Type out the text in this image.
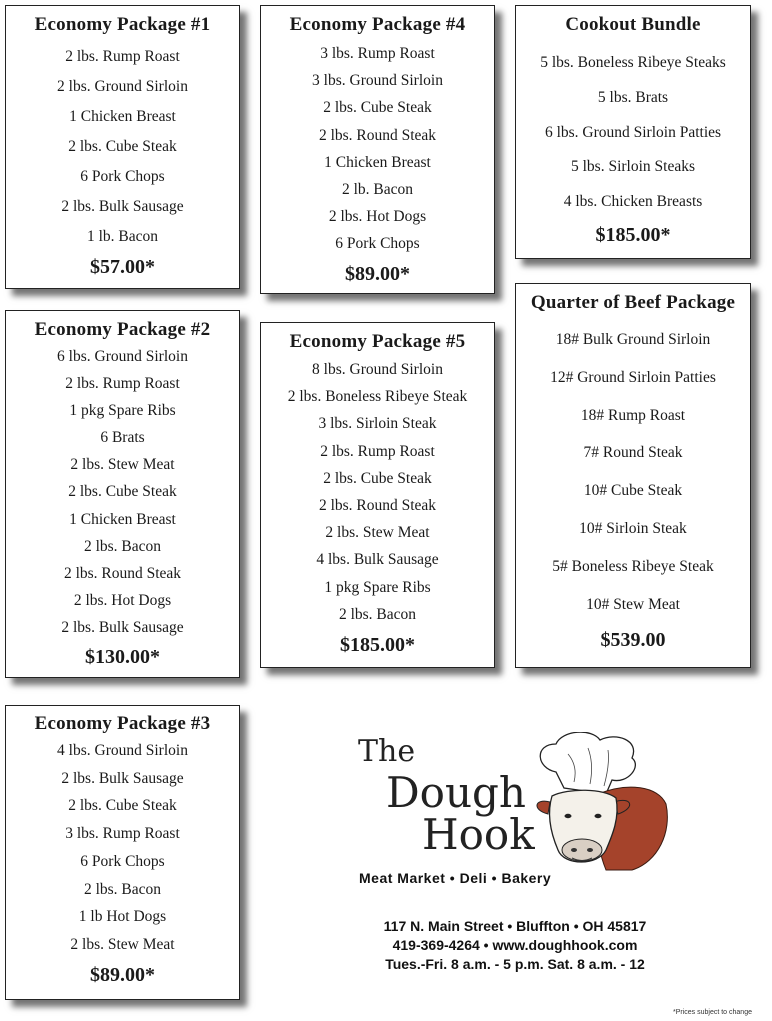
Economy Package #1
2 lbs. Rump Roast
2 lbs. Ground Sirloin
1 Chicken Breast
2 lbs. Cube Steak
6 Pork Chops
2 lbs. Bulk Sausage
1 lb. Bacon
$57.00*
Economy Package #4
3 lbs. Rump Roast
3 lbs. Ground Sirloin
2 lbs. Cube Steak
2 lbs. Round Steak
1 Chicken Breast
2 lb. Bacon
2 lbs. Hot Dogs
6 Pork Chops
$89.00*
Cookout Bundle
5 lbs. Boneless Ribeye Steaks
5 lbs. Brats
6 lbs. Ground Sirloin Patties
5 lbs. Sirloin Steaks
4 lbs. Chicken Breasts
$185.00*
Economy Package #2
6 lbs. Ground Sirloin
2 lbs. Rump Roast
1 pkg Spare Ribs
6 Brats
2 lbs. Stew Meat
2 lbs. Cube Steak
1 Chicken Breast
2 lbs. Bacon
2 lbs. Round Steak
2 lbs. Hot Dogs
2 lbs. Bulk Sausage
$130.00*
Economy Package #5
8 lbs. Ground Sirloin
2 lbs. Boneless Ribeye Steak
3 lbs. Sirloin Steak
2 lbs. Rump Roast
2 lbs. Cube Steak
2 lbs. Round Steak
2 lbs. Stew Meat
4 lbs. Bulk Sausage
1 pkg Spare Ribs
2 lbs. Bacon
$185.00*
Quarter of Beef Package
18# Bulk Ground Sirloin
12# Ground Sirloin Patties
18# Rump Roast
7# Round Steak
10# Cube Steak
10# Sirloin Steak
5# Boneless Ribeye Steak
10# Stew Meat
$539.00
Economy Package #3
4 lbs. Ground Sirloin
2 lbs. Bulk Sausage
2 lbs. Cube Steak
3 lbs. Rump Roast
6 Pork Chops
2 lbs. Bacon
1 lb Hot Dogs
2 lbs. Stew Meat
$89.00*
The
Dough
Hook
Meat Market • Deli • Bakery
117 N. Main Street • Bluffton • OH 45817
419-369-4264 • www.doughhook.com
Tues.-Fri. 8 a.m. - 5 p.m. Sat. 8 a.m. - 12
*Prices subject to change
